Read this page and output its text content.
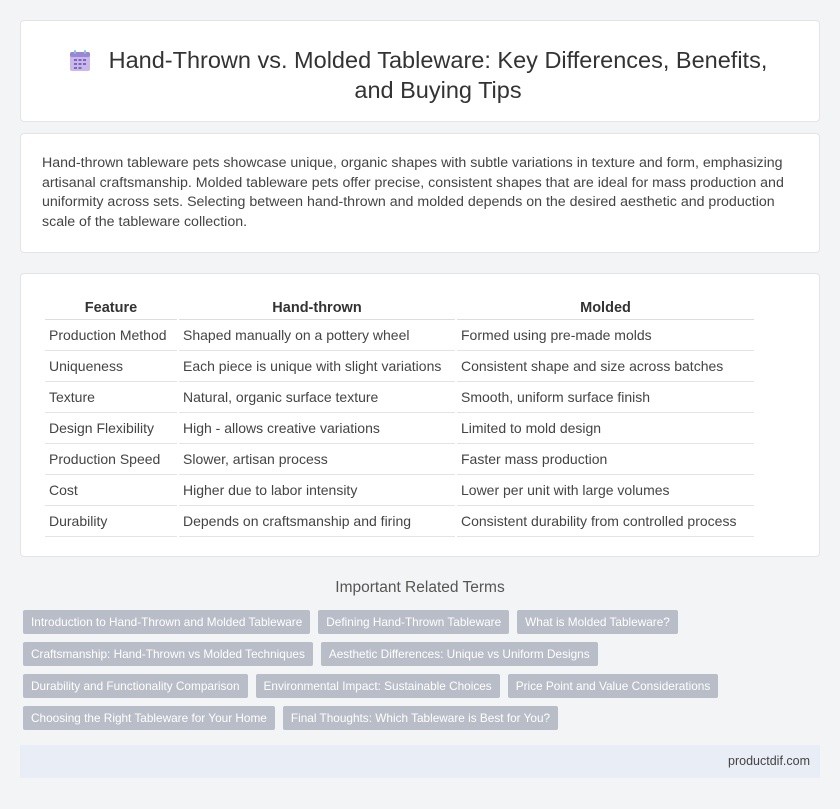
Hand-Thrown vs. Molded Tableware: Key Differences, Benefits, and Buying Tips

Hand-thrown tableware pets showcase unique, organic shapes with subtle variations in texture and form, emphasizing artisanal craftsmanship. Molded tableware pets offer precise, consistent shapes that are ideal for mass production and uniformity across sets. Selecting between hand-thrown and molded depends on the desired aesthetic and production scale of the tableware collection.

Feature	Hand-thrown	Molded
Production Method	Shaped manually on a pottery wheel	Formed using pre-made molds
Uniqueness	Each piece is unique with slight variations	Consistent shape and size across batches
Texture	Natural, organic surface texture	Smooth, uniform surface finish
Design Flexibility	High - allows creative variations	Limited to mold design
Production Speed	Slower, artisan process	Faster mass production
Cost	Higher due to labor intensity	Lower per unit with large volumes
Durability	Depends on craftsmanship and firing	Consistent durability from controlled process
Important Related Terms
Introduction to Hand-Thrown and Molded Tableware	Defining Hand-Thrown Tableware	What is Molded Tableware?
Craftsmanship: Hand-Thrown vs Molded Techniques	Aesthetic Differences: Unique vs Uniform Designs
Durability and Functionality Comparison	Environmental Impact: Sustainable Choices	Price Point and Value Considerations
Choosing the Right Tableware for Your Home	Final Thoughts: Which Tableware is Best for You?
productdif.com
